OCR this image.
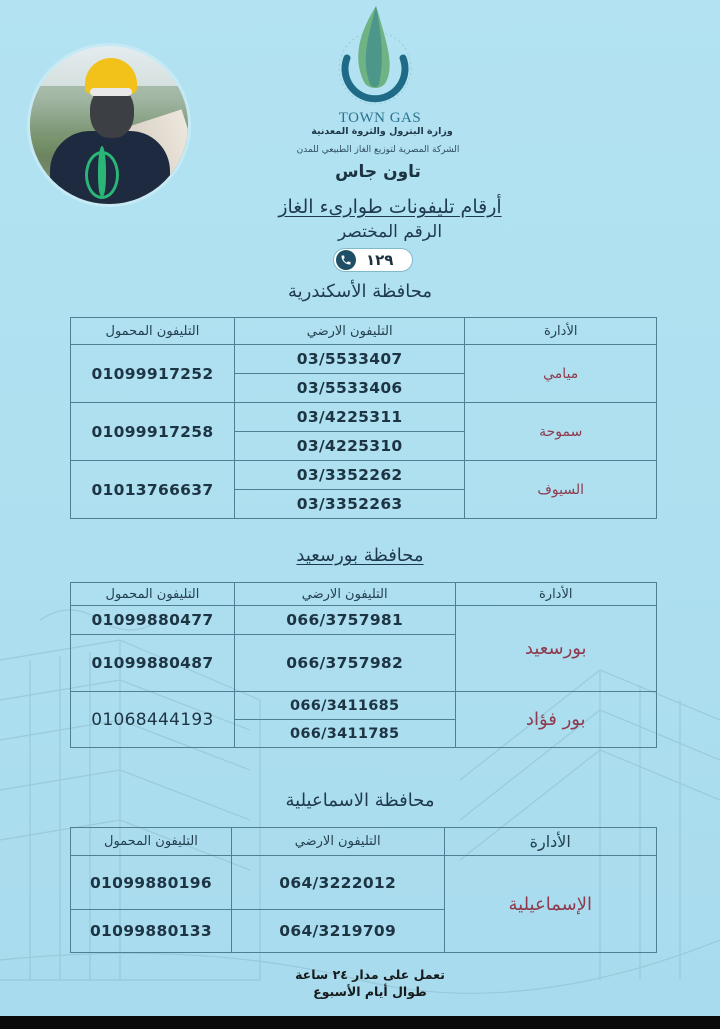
TOWN GAS
وزارة البترول والثروة المعدنية
الشركة المصرية لتوزيع الغاز الطبيعي للمدن
تاون جاس
أرقام تليفونات طوارىء الغاز
الرقم المختصر
١٢٩
محافظة الأسكندرية
الأدارة	التليفون الارضي	التليفون المحمول
ميامي	03/5533407	01099917252
	03/5533406	
سموحة	03/4225311	01099917258
	03/4225310	
السيوف	03/3352262	01013766637
	03/3352263	
محافظة بورسعيد
الأدارة	التليفون الارضي	التليفون المحمول
بورسعيد	066/3757981	01099880477
	066/3757982	01099880487
بور فؤاد	066/3411685	01068444193
	066/3411785	
محافظة الاسماعيلية
الأدارة	التليفون الارضي	التليفون المحمول
الإسماعيلية	064/3222012	01099880196
	064/3219709	01099880133
تعمل على مدار ٢٤ ساعة
طوال أيام الأسبوع
